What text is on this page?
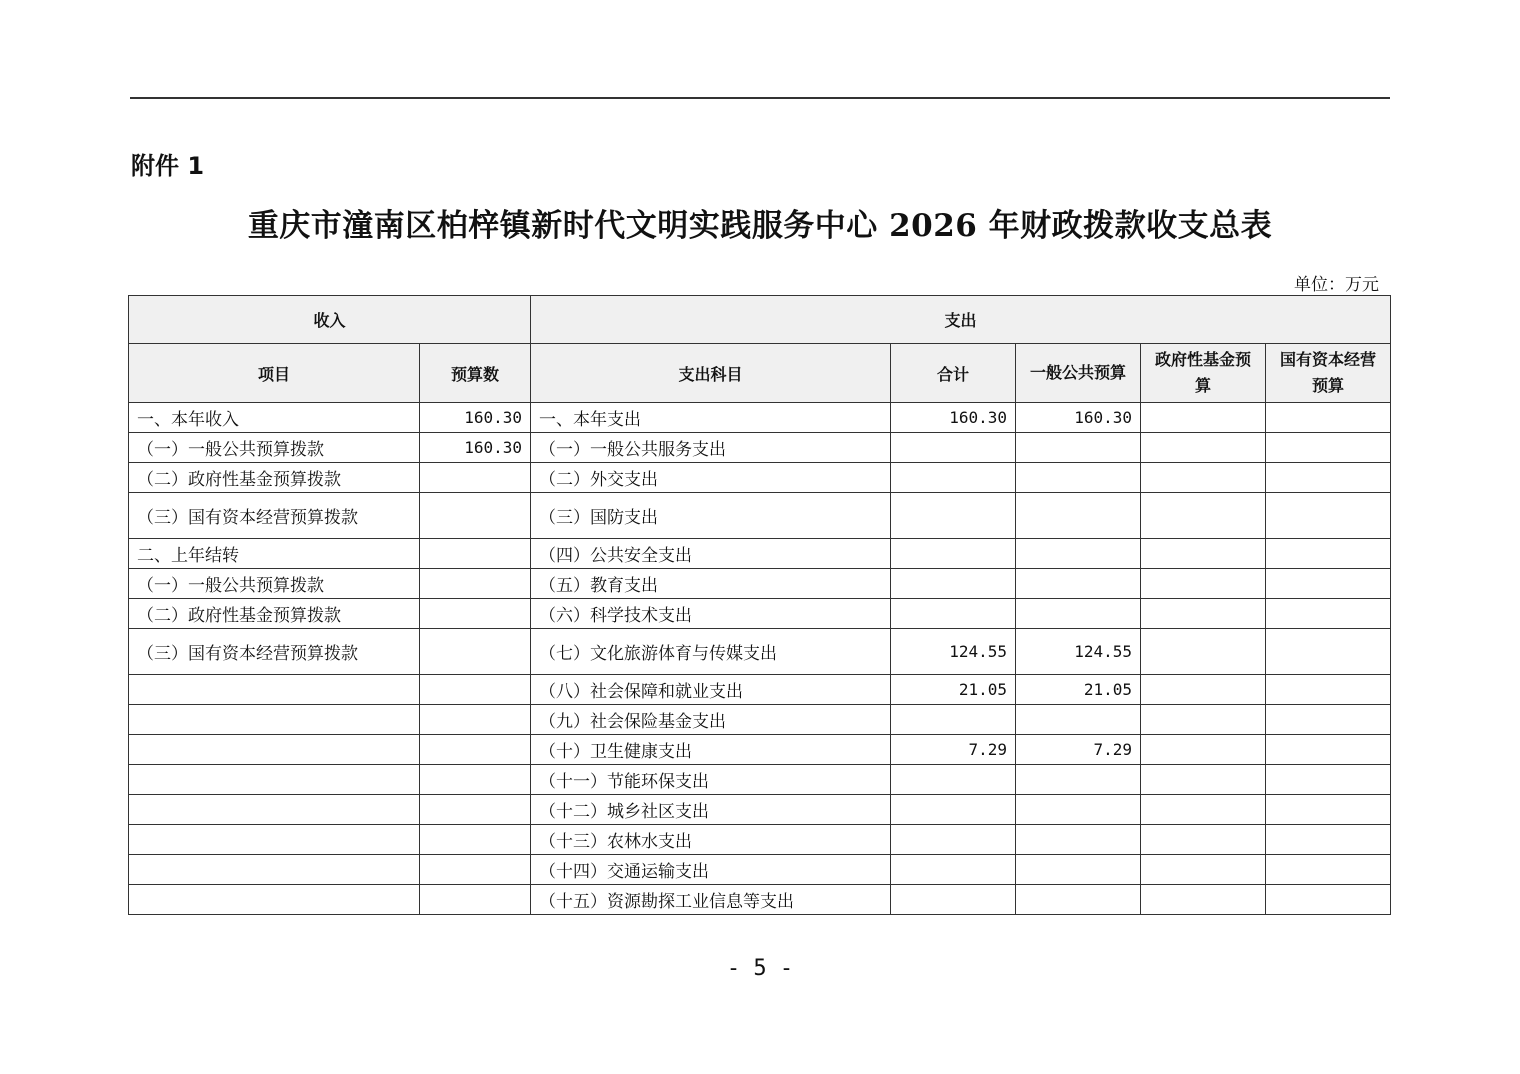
附件 1
重庆市潼南区柏梓镇新时代文明实践服务中心 2026 年财政拨款收支总表
单位：万元
收入		支出				
项目	预算数	支出科目	合计	一般公共预算	政府性基金预算	国有资本经营预算
一、本年收入	160.30	一、本年支出	160.30	160.30		
（一）一般公共预算拨款	160.30	（一）一般公共服务支出				
（二）政府性基金预算拨款		（二）外交支出				
（三）国有资本经营预算拨款		（三）国防支出				
二、上年结转		（四）公共安全支出				
（一）一般公共预算拨款		（五）教育支出				
（二）政府性基金预算拨款		（六）科学技术支出				
（三）国有资本经营预算拨款		（七）文化旅游体育与传媒支出	124.55	124.55		
		（八）社会保障和就业支出	21.05	21.05		
		（九）社会保险基金支出				
		（十）卫生健康支出	7.29	7.29		
		（十一）节能环保支出				
		（十二）城乡社区支出				
		（十三）农林水支出				
		（十四）交通运输支出				
		（十五）资源勘探工业信息等支出				
- 5 -
